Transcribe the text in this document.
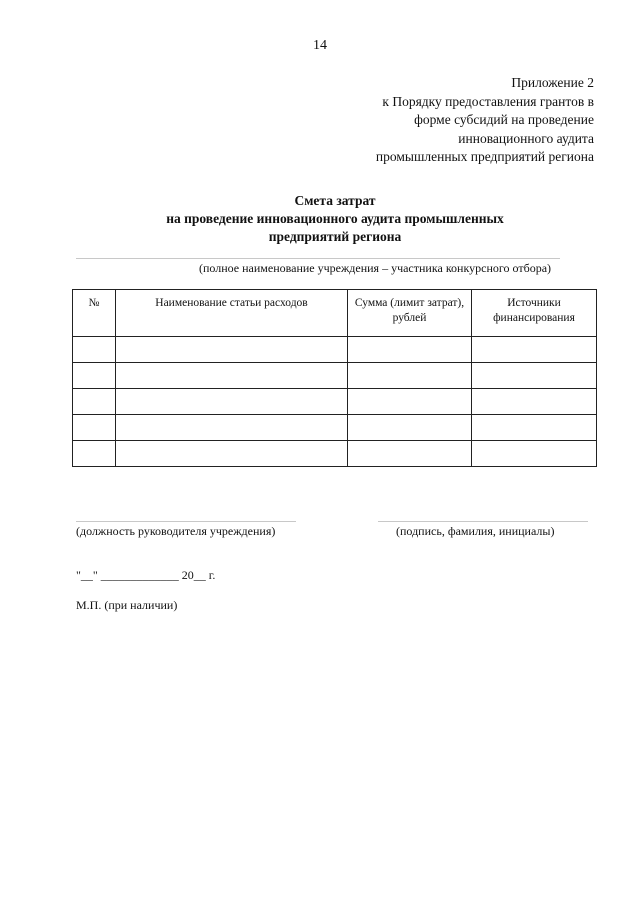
14
Приложение 2
к Порядку предоставления грантов в
форме субсидий на проведение
инновационного аудита
промышленных предприятий региона
Смета затрат
на проведение инновационного аудита промышленных
предприятий региона
(полное наименование учреждения – участника конкурсного отбора)
№	Наименование статьи расходов	Сумма (лимит затрат), рублей	Источники финансирования

(должность руководителя учреждения)	(подпись, фамилия, инициалы)
"__" _____________ 20__ г.
М.П. (при наличии)
